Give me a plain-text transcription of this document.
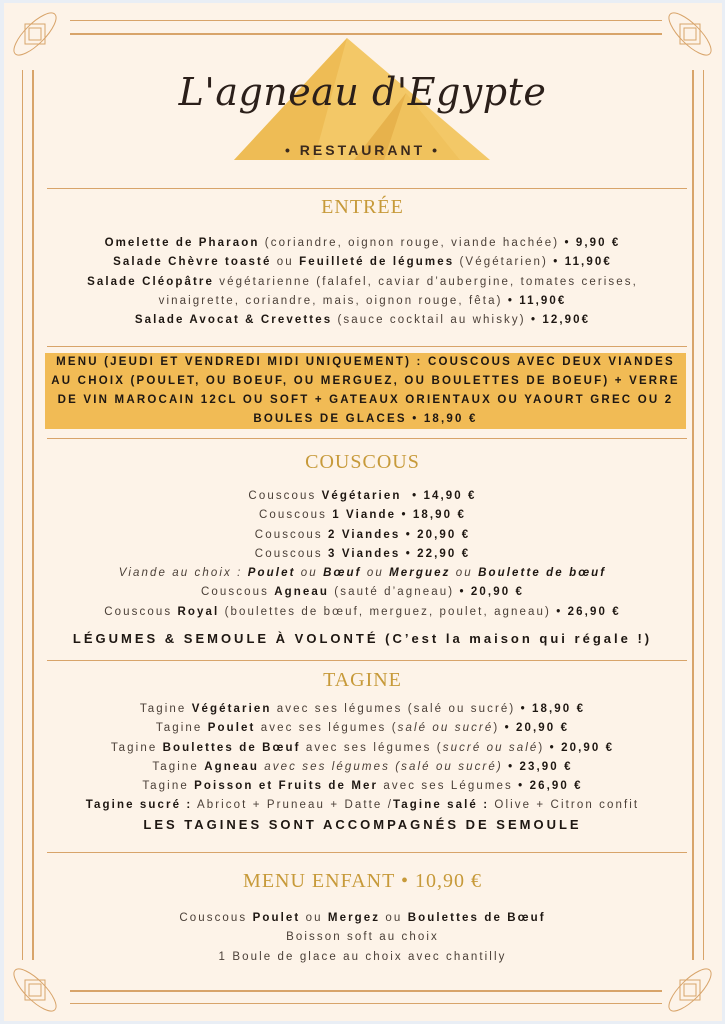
L'agneau d'Egypte
• RESTAURANT •
ENTRÉE
Omelette de Pharaon (coriandre, oignon rouge, viande hachée) • 9,90 €
Salade Chèvre toasté ou Feuilleté de légumes (Végétarien) • 11,90€
Salade Cléopâtre végétarienne (falafel, caviar d’aubergine, tomates cerises,
vinaigrette, coriandre, mais, oignon rouge, fêta) • 11,90€
Salade Avocat & Crevettes (sauce cocktail au whisky) • 12,90€
MENU (JEUDI ET VENDREDI MIDI UNIQUEMENT) : COUSCOUS AVEC DEUX VIANDES AU CHOIX (POULET, OU BOEUF, OU MERGUEZ, OU BOULETTES DE BOEUF) + VERRE DE VIN MAROCAIN 12CL OU SOFT + GATEAUX ORIENTAUX OU YAOURT GREC OU 2 BOULES DE GLACES • 18,90 €
COUSCOUS
Couscous Végétarien • 14,90 €
Couscous 1 Viande • 18,90 €
Couscous 2 Viandes • 20,90 €
Couscous 3 Viandes • 22,90 €
Viande au choix : Poulet ou Bœuf ou Merguez ou Boulette de bœuf
Couscous Agneau (sauté d’agneau) • 20,90 €
Couscous Royal (boulettes de bœuf, merguez, poulet, agneau) • 26,90 €
LÉGUMES & SEMOULE À VOLONTÉ (C’est la maison qui régale !)
TAGINE
Tagine Végétarien avec ses légumes (salé ou sucré) • 18,90 €
Tagine Poulet avec ses légumes (salé ou sucré) • 20,90 €
Tagine Boulettes de Bœuf avec ses légumes (sucré ou salé) • 20,90 €
Tagine Agneau avec ses légumes (salé ou sucré) • 23,90 €
Tagine Poisson et Fruits de Mer avec ses Légumes • 26,90 €
Tagine sucré : Abricot + Pruneau + Datte /Tagine salé : Olive + Citron confit
LES TAGINES SONT ACCOMPAGNÉS DE SEMOULE
MENU ENFANT • 10,90 €
Couscous Poulet ou Mergez ou Boulettes de Bœuf
Boisson soft au choix
1 Boule de glace au choix avec chantilly
